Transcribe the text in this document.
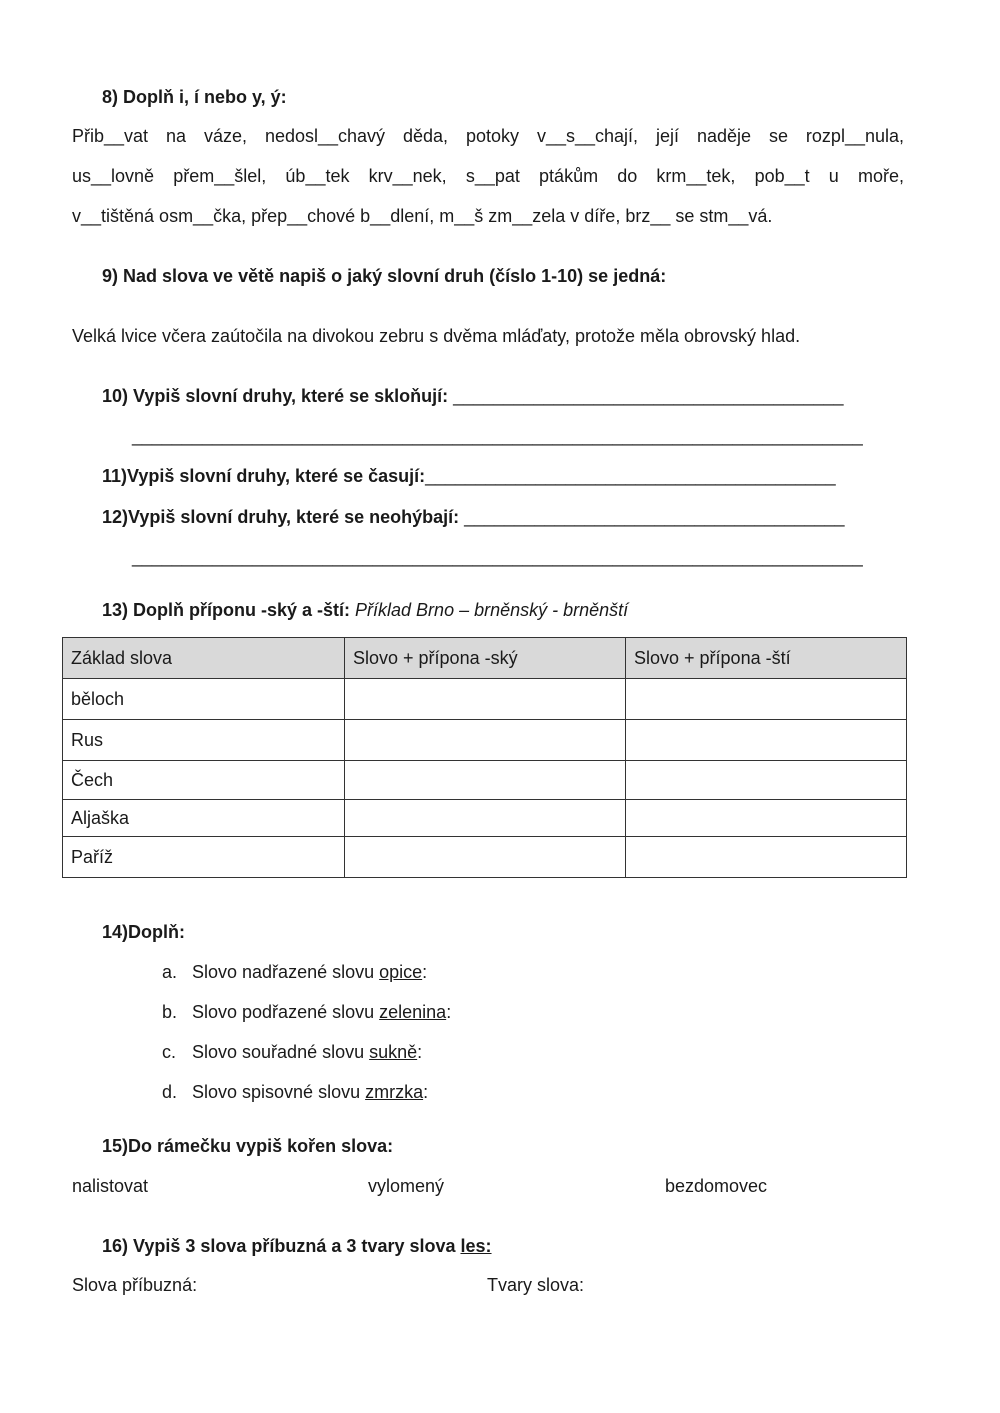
8) Doplň i, í nebo y, ý:
Přib__vat na váze, nedosl__chavý děda, potoky v__s__chají, její naděje se rozpl__nula,
us__lovně přem__šlel, úb__tek krv__nek, s__pat ptákům do krm__tek, pob__t u moře,
v__tištěná osm__čka, přep__chové b__dlení, m__š zm__zela v díře, brz__ se stm__vá.
9) Nad slova ve větě napiš o jaký slovní druh (číslo 1-10) se jedná:
Velká lvice včera zaútočila na divokou zebru s dvěma mláďaty, protože měla obrovský hlad.
10) Vypiš slovní druhy, které se skloňují: _______________________________________
_________________________________________________________________________
11)Vypiš slovní druhy, které se časují:_________________________________________
12)Vypiš slovní druhy, které se neohýbají: ______________________________________
_________________________________________________________________________
13) Doplň příponu -ský a -ští: Příklad Brno – brněnský - brněnští
Základ slova	Slovo + přípona -ský	Slovo + přípona -ští
běloch		
Rus		
Čech		
Aljaška		
Paříž		
14)Doplň:
a. Slovo nadřazené slovu opice:
b. Slovo podřazené slovu zelenina:
c. Slovo souřadné slovu sukně:
d. Slovo spisovné slovu zmrzka:
15)Do rámečku vypiš kořen slova:
nalistovat	vylomený	bezdomovec
16) Vypiš 3 slova příbuzná a 3 tvary slova les:
Slova příbuzná:	Tvary slova:
